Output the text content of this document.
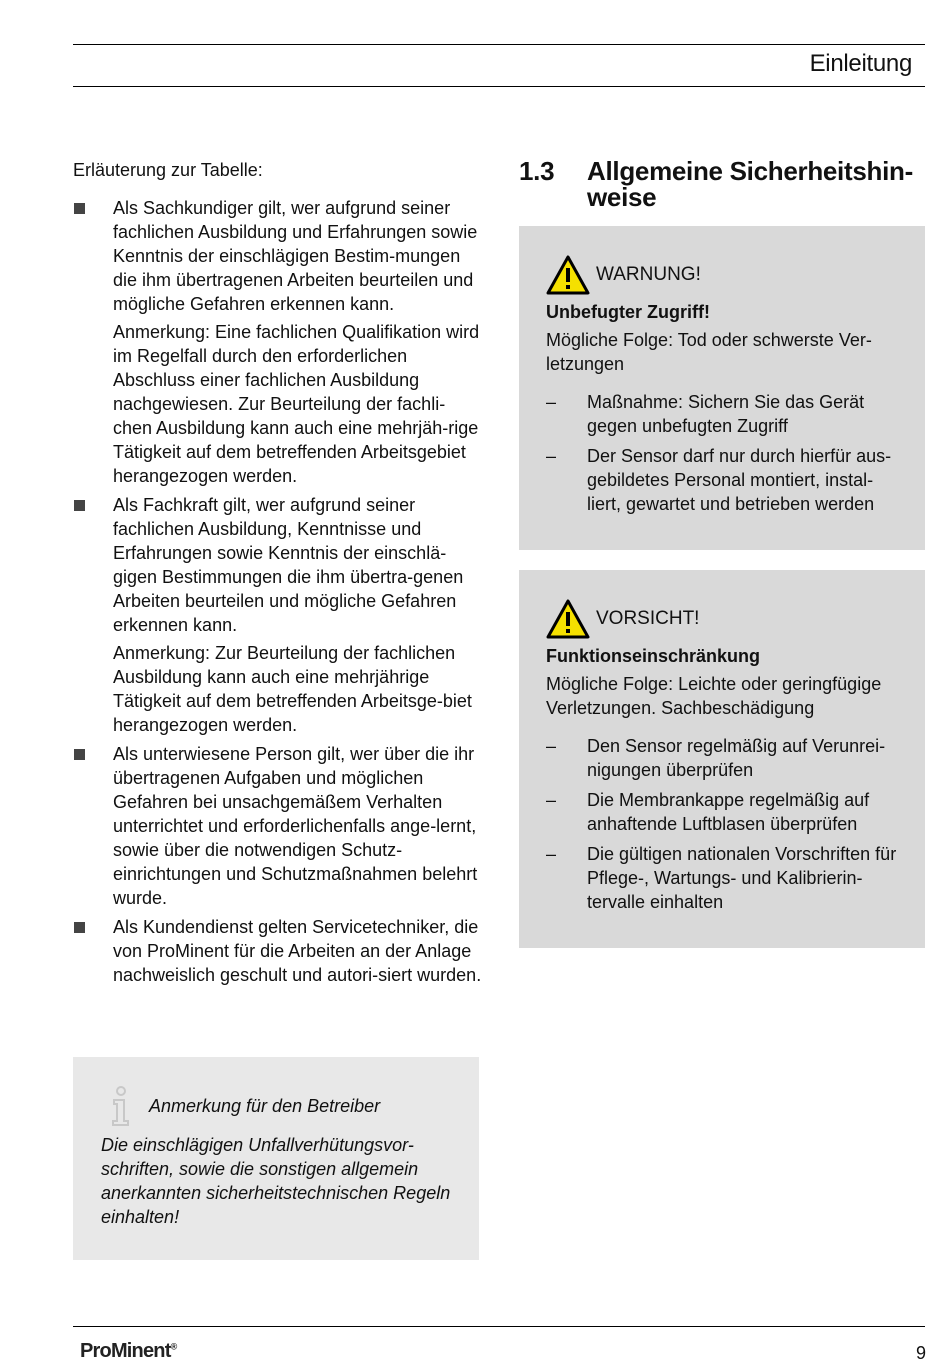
Einleitung

Erläuterung zur Tabelle:

Als Sachkundiger gilt, wer aufgrund seiner fachlichen Ausbildung und Erfahrungen sowie Kenntnis der einschlägigen Bestim-mungen die ihm übertragenen Arbeiten beurteilen und mögliche Gefahren erkennen kann.

Anmerkung: Eine fachlichen Qualifikation wird im Regelfall durch den erforderlichen Abschluss einer fachlichen Ausbildung nachgewiesen. Zur Beurteilung der fachli-chen Ausbildung kann auch eine mehrjäh-rige Tätigkeit auf dem betreffenden Arbeitsgebiet herangezogen werden.

Als Fachkraft gilt, wer aufgrund seiner fachlichen Ausbildung, Kenntnisse und Erfahrungen sowie Kenntnis der einschlä-gigen Bestimmungen die ihm übertra-genen Arbeiten beurteilen und mögliche Gefahren erkennen kann.

Anmerkung: Zur Beurteilung der fachlichen Ausbildung kann auch eine mehrjährige Tätigkeit auf dem betreffenden Arbeitsge-biet herangezogen werden.

Als unterwiesene Person gilt, wer über die ihr übertragenen Aufgaben und möglichen Gefahren bei unsachgemäßem Verhalten unterrichtet und erforderlichenfalls ange-lernt, sowie über die notwendigen Schutz-einrichtungen und Schutzmaßnahmen belehrt wurde.

Als Kundendienst gelten Servicetechniker, die von ProMinent für die Arbeiten an der Anlage nachweislich geschult und autori-siert wurden.

Anmerkung für den Betreiber

Die einschlägigen Unfallverhütungsvor-schriften, sowie die sonstigen allgemein anerkannten sicherheitstechnischen Regeln einhalten!

1.3 Allgemeine Sicherheitshin-weise
WARNUNG!

Unbefugter Zugriff!

Mögliche Folge: Tod oder schwerste Ver-letzungen

– Maßnahme: Sichern Sie das Gerät gegen unbefugten Zugriff
– Der Sensor darf nur durch hierfür aus-gebildetes Personal montiert, instal-liert, gewartet und betrieben werden
VORSICHT!

Funktionseinschränkung

Mögliche Folge: Leichte oder geringfügige Verletzungen. Sachbeschädigung

– Den Sensor regelmäßig auf Verunrei-nigungen überprüfen
– Die Membrankappe regelmäßig auf anhaftende Luftblasen überprüfen
– Die gültigen nationalen Vorschriften für Pflege-, Wartungs- und Kalibrierin-tervalle einhalten
ProMinent®	9
